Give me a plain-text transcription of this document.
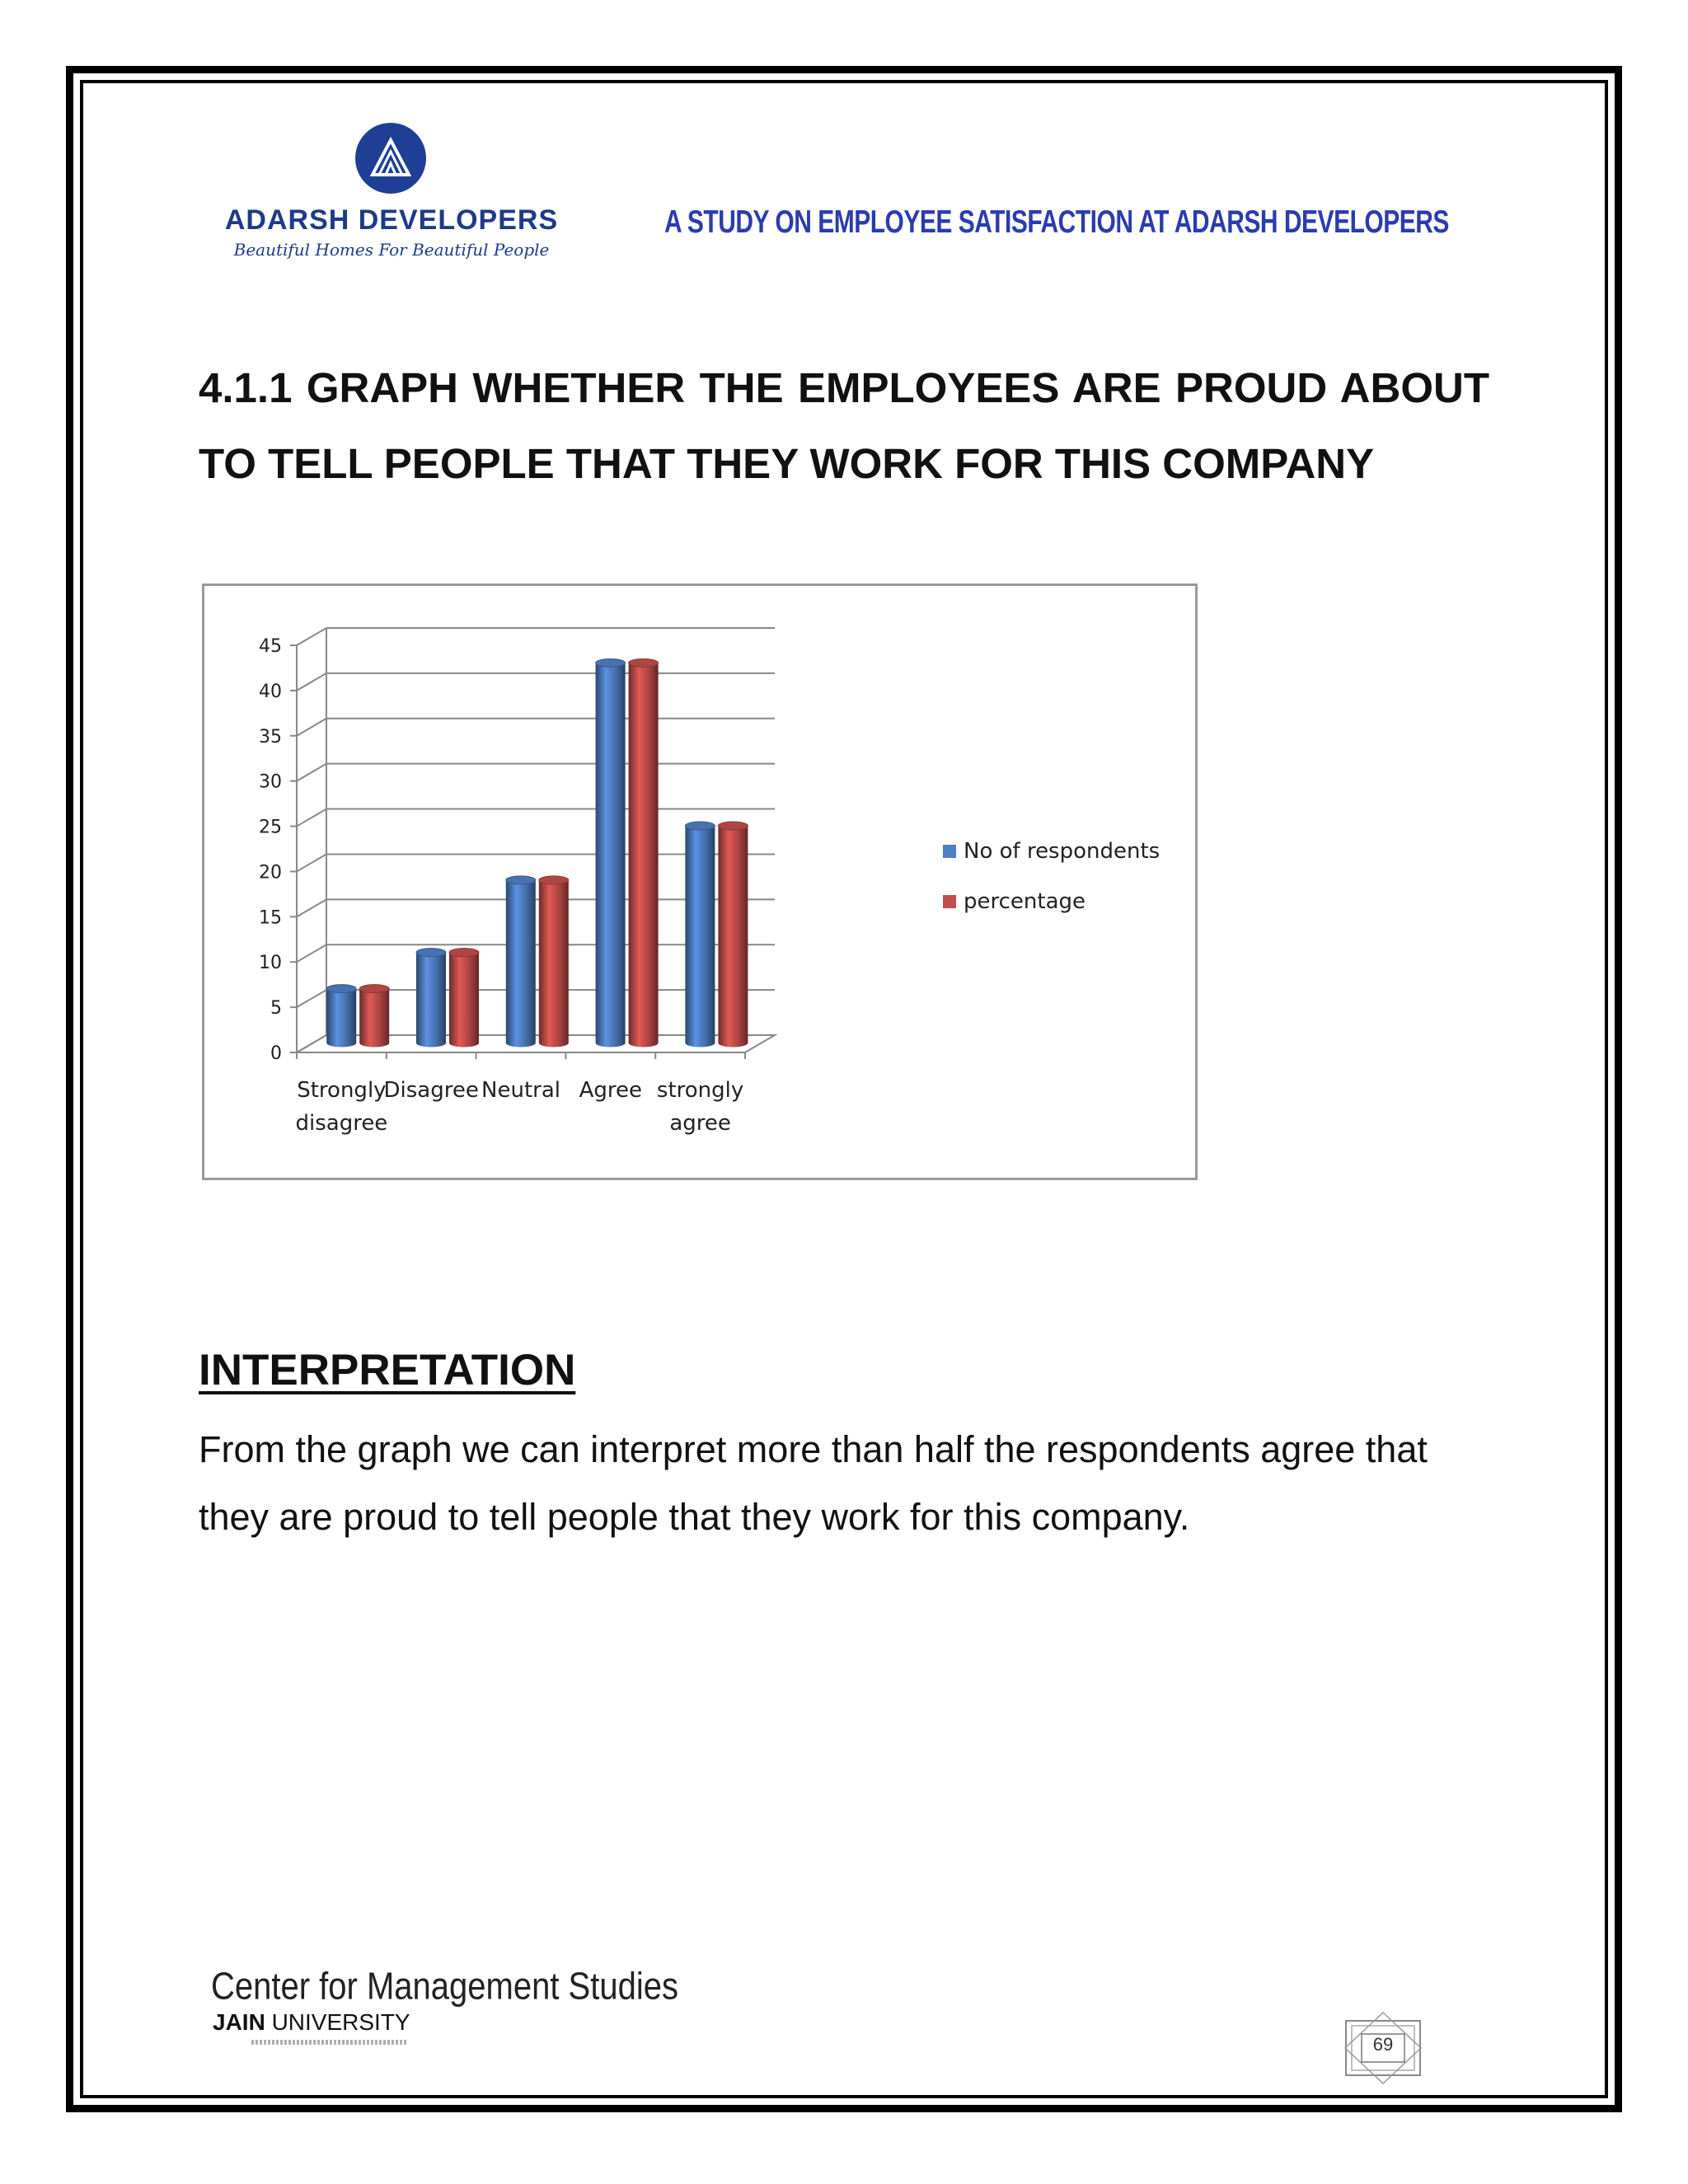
ADARSH DEVELOPERS
Beautiful Homes For Beautiful People
A STUDY ON EMPLOYEE SATISFACTION AT ADARSH DEVELOPERS
4.1.1 GRAPH WHETHER THE EMPLOYEES ARE PROUD ABOUT TO TELL PEOPLE THAT THEY WORK FOR THIS COMPANY
0
5
10
15
20
25
30
35
40
45
Strongly
disagree
Disagree Neutral Agree strongly
agree
No of respondents
percentage
INTERPRETATION
From the graph we can interpret more than half the respondents agree that they are proud to tell people that they work for this company.
Center for Management Studies
JAIN UNIVERSITY
69
